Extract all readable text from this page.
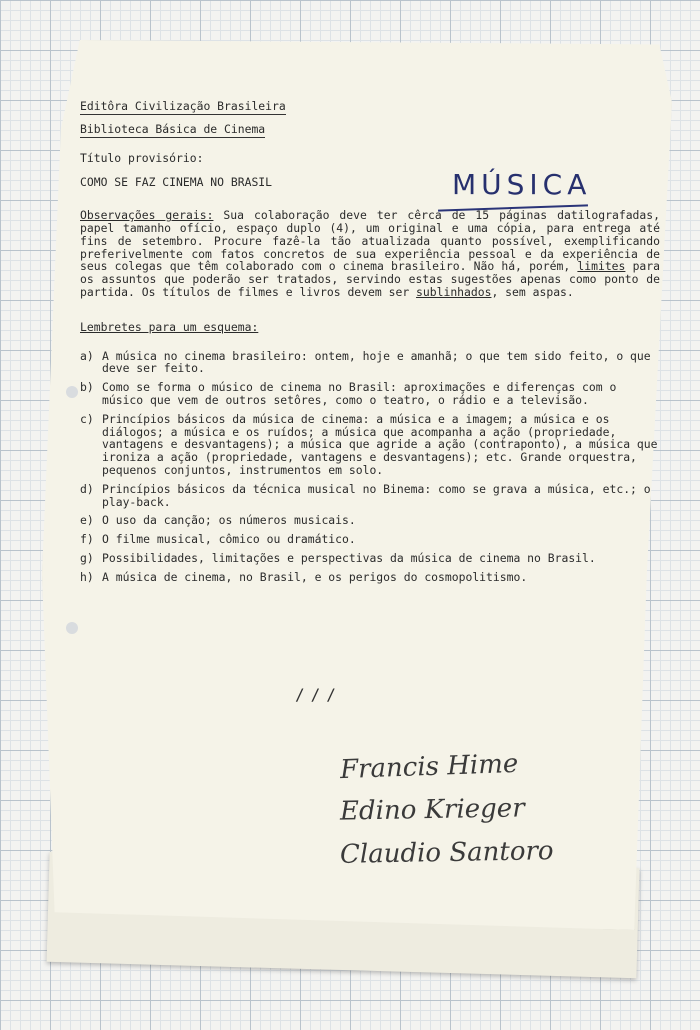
Editôra Civilização Brasileira
Biblioteca Básica de Cinema
Título provisório:
COMO SE FAZ CINEMA NO BRASIL
Observações gerais: Sua colaboração deve ter cêrca de 15 páginas datilografadas, papel tamanho ofício, espaço duplo (4), um original e uma cópia, para entrega até fins de setembro. Procure fazê-la tão atualizada quanto possível, exemplificando preferivelmente com fatos concretos de sua experiência pessoal e da experiência de seus colegas que têm colaborado com o cinema brasileiro. Não há, porém, limites para os assuntos que poderão ser tratados, servindo estas sugestões apenas como ponto de partida. Os títulos de filmes e livros devem ser sublinhados, sem aspas.
Lembretes para um esquema:
a) A música no cinema brasileiro: ontem, hoje e amanhã; o que tem sido feito, o que deve ser feito.
b) Como se forma o músico de cinema no Brasil: aproximações e diferenças com o músico que vem de outros setôres, como o teatro, o rádio e a televisão.
c) Princípios básicos da música de cinema: a música e a imagem; a música e os diálogos; a música e os ruídos; a música que acompanha a ação (propriedade, vantagens e desvantagens); a música que agride a ação (contraponto), a música que ironiza a ação (propriedade, vantagens e desvantagens); etc. Grande orquestra, pequenos conjuntos, instrumentos em solo.
d) Princípios básicos da técnica musical no Binema: como se grava a música, etc.; o play-back.
e) O uso da canção; os números musicais.
f) O filme musical, cômico ou dramático.
g) Possibilidades, limitações e perspectivas da música de cinema no Brasil.
h) A música de cinema, no Brasil, e os perigos do cosmopolitismo.
MÚSICA
///
Francis Hime
Edino Krieger
Claudio Santoro
